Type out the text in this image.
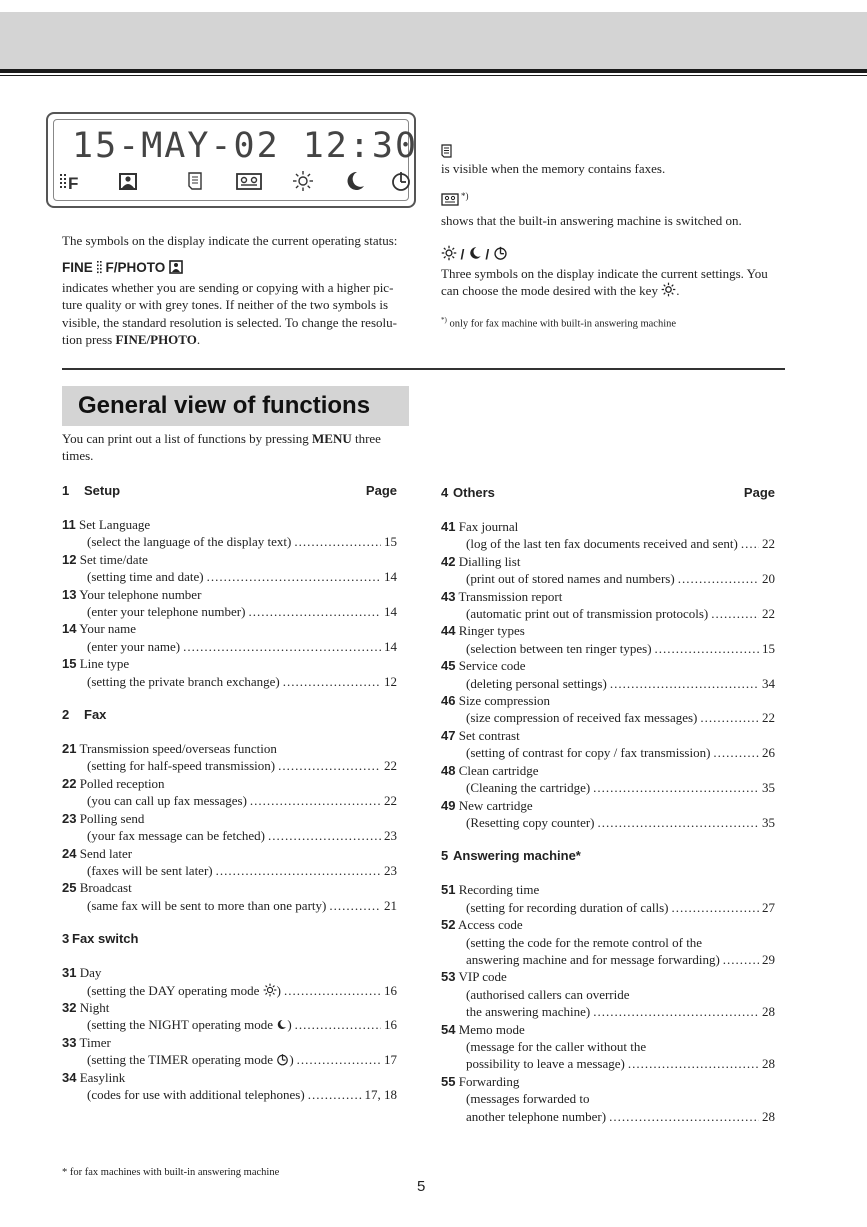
15-MAY-02 12:30
F
The symbols on the display indicate the current operating status:
FINE F/PHOTO
indicates whether you are sending or copying with a higher pic-
ture quality or with grey tones. If neither of the two symbols is
visible, the standard resolution is selected. To change the resolu-
tion press FINE/PHOTO.
is visible when the memory contains faxes.
*)
shows that the built-in answering machine is switched on.
/ /
Three symbols on the display indicate the current settings. You
can choose the mode desired with the key .
*) only for fax machine with built-in answering machine
General view of functions
You can print out a list of functions by pressing MENU three
times.
1	Setup	Page
11 Set Language
(select the language of the display text) .....	15
12 Set time/date
(setting time and date) .....	14
13 Your telephone number
(enter your telephone number) .....	14
14 Your name
(enter your name) .....	14
15 Line type
(setting the private branch exchange) .....	12
2	Fax
21 Transmission speed/overseas function
(setting for half-speed transmission) .....	22
22 Polled reception
(you can call up fax messages) .....	22
23 Polling send
(your fax message can be fetched) .....	23
24 Send later
(faxes will be sent later) .....	23
25 Broadcast
(same fax will be sent to more than one party) .....	21
3 Fax switch
31 Day
(setting the DAY operating mode ) .....	16
32 Night
(setting the NIGHT operating mode ) .....	16
33 Timer
(setting the TIMER operating mode ) .....	17
34 Easylink
(codes for use with additional telephones) .....	17, 18
4 Others	Page
41 Fax journal
(log of the last ten fax documents received and sent) ..... 22
42 Dialling list
(print out of stored names and numbers) .....	20
43 Transmission report
(automatic print out of transmission protocols) .....	22
44 Ringer types
(selection between ten ringer types) .....	15
45 Service code
(deleting personal settings) .....	34
46 Size compression
(size compression of received fax messages) .....	22
47 Set contrast
(setting of contrast for copy / fax transmission) .....	26
48 Clean cartridge
(Cleaning the cartridge) .....	35
49 New cartridge
(Resetting copy counter) .....	35
5 Answering machine*
51 Recording time
(setting for recording duration of calls) .....	27
52 Access code
(setting the code for the remote control of the
answering machine and for message forwarding) .....	29
53 VIP code
(authorised callers can override
the answering machine) .....	28
54 Memo mode
(message for the caller without the
possibility to leave a message) .....	28
55 Forwarding
(messages forwarded to
another telephone number) .....	28
* for fax machines with built-in answering machine
5
